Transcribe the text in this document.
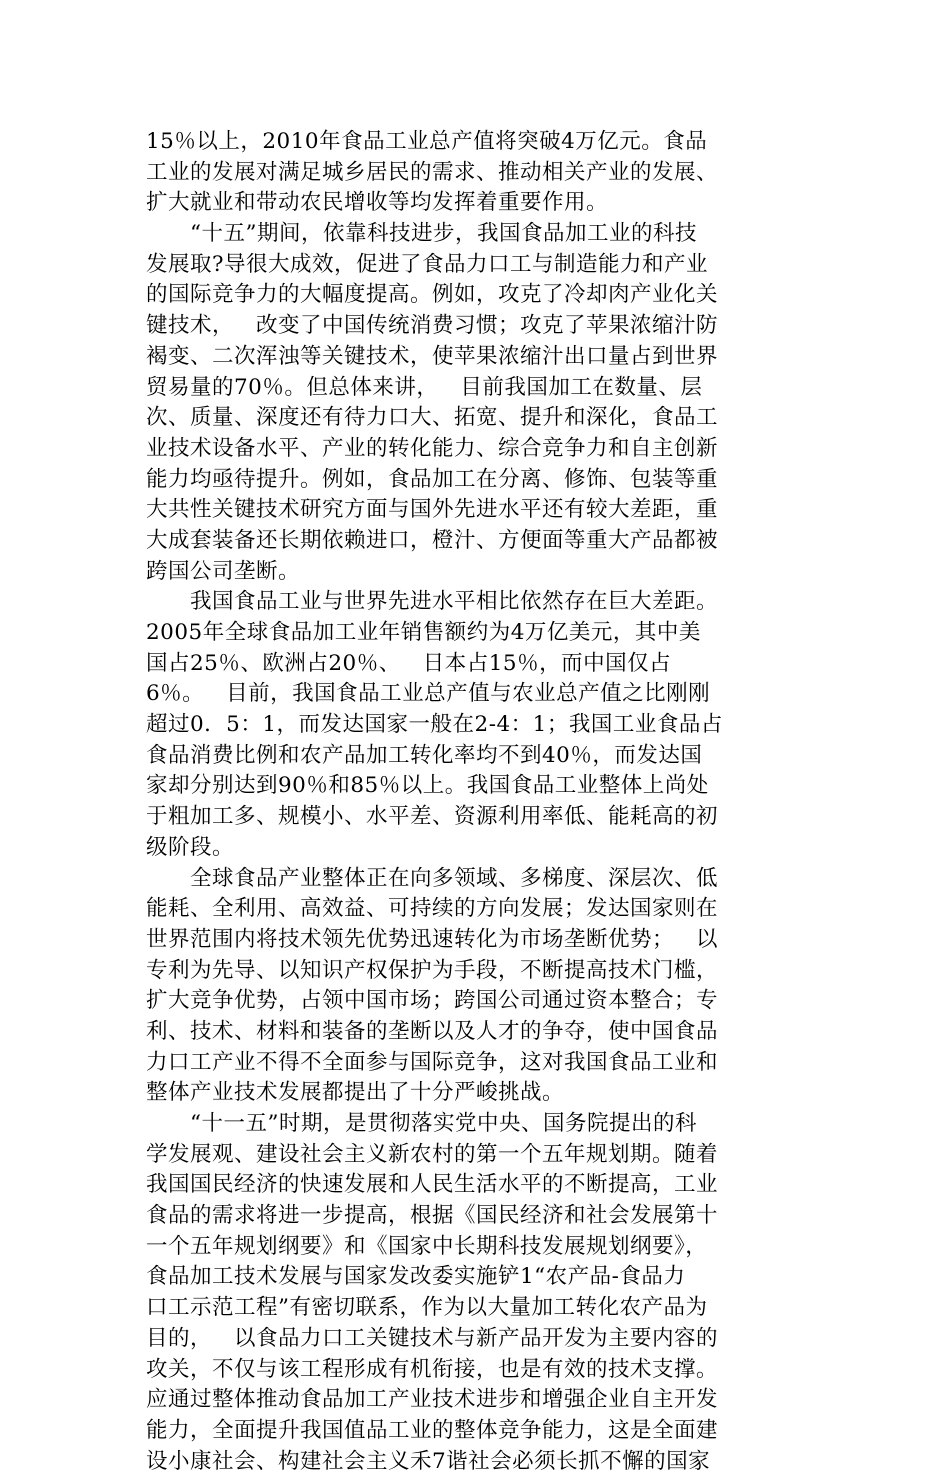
15％以上，2010年食品工业总产值将突破4万亿元。食品
工业的发展对满足城乡居民的需求、推动相关产业的发展、
扩大就业和带动农民增收等均发挥着重要作用。
“十五”期间，依靠科技进步，我国食品加工业的科技
发展取?导很大成效，促进了食品力口工与制造能力和产业
的国际竞争力的大幅度提高。例如，攻克了冷却肉产业化关
键技术，   改变了中国传统消费习惯；攻克了苹果浓缩汁防
褐变、二次浑浊等关键技术，使苹果浓缩汁出口量占到世界
贸易量的70％。但总体来讲，   目前我国加工在数量、层
次、质量、深度还有待力口大、拓宽、提升和深化，食品工
业技术设备水平、产业的转化能力、综合竞争力和自主创新
能力均亟待提升。例如，食品加工在分离、修饰、包装等重
大共性关键技术研究方面与国外先进水平还有较大差距，重
大成套装备还长期依赖进口，橙汁、方便面等重大产品都被
跨国公司垄断。
我国食品工业与世界先进水平相比依然存在巨大差距。
2005年全球食品加工业年销售额约为4万亿美元，其中美
国占25％、欧洲占20％、   日本占15％，而中国仅占
6％。   目前，我国食品工业总产值与农业总产值之比刚刚
超过0．5：1，而发达国家一般在2-4：1；我国工业食品占
食品消费比例和农产品加工转化率均不到40％，而发达国
家却分别达到90％和85％以上。我国食品工业整体上尚处
于粗加工多、规模小、水平差、资源利用率低、能耗高的初
级阶段。
全球食品产业整体正在向多领域、多梯度、深层次、低
能耗、全利用、高效益、可持续的方向发展；发达国家则在
世界范围内将技术领先优势迅速转化为市场垄断优势；   以
专利为先导、以知识产权保护为手段，不断提高技术门槛，
扩大竞争优势，占领中国市场；跨国公司通过资本整合；专
利、技术、材料和装备的垄断以及人才的争夺，使中国食品
力口工产业不得不全面参与国际竞争，这对我国食品工业和
整体产业技术发展都提出了十分严峻挑战。
“十一五”时期，是贯彻落实党中央、国务院提出的科
学发展观、建设社会主义新农村的第一个五年规划期。随着
我国国民经济的快速发展和人民生活水平的不断提高，工业
食品的需求将进一步提高，根据《国民经济和社会发展第十
一个五年规划纲要》和《国家中长期科技发展规划纲要》，
食品加工技术发展与国家发改委实施铲1“农产品-食品力
口工示范工程”有密切联系，作为以大量加工转化农产品为
目的，   以食品力口工关键技术与新产品开发为主要内容的
攻关，不仅与该工程形成有机衔接，也是有效的技术支撑。
应通过整体推动食品加工产业技术进步和增强企业自主开发
能力，全面提升我国值品工业的整体竞争能力，这是全面建
设小康社会、构建社会主义禾7谐社会必须长抓不懈的国家
